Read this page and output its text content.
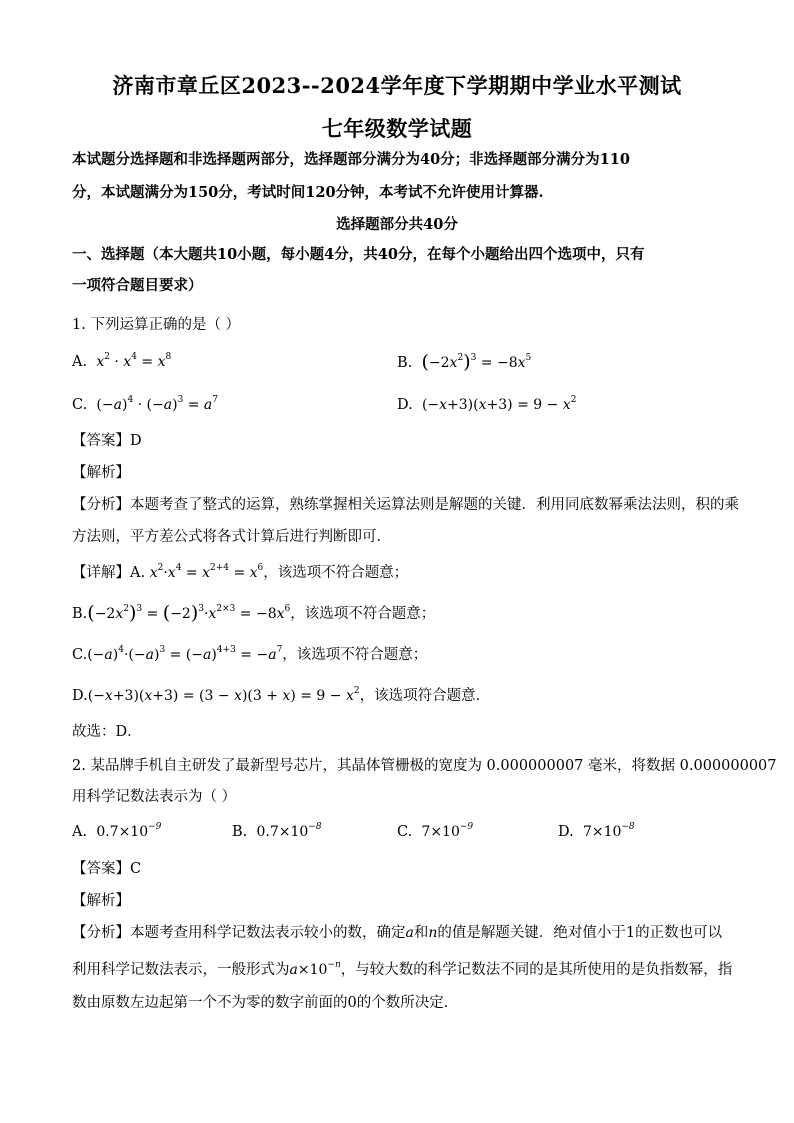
济南市章丘区2023--2024学年度下学期期中学业水平测试
七年级数学试题
本试题分选择题和非选择题两部分，选择题部分满分为40分；非选择题部分满分为110
分，本试题满分为150分，考试时间120分钟，本考试不允许使用计算器.
选择题部分共40分
一、选择题（本大题共10小题，每小题4分，共40分，在每个小题给出四个选项中，只有
一项符合题目要求）
1. 下列运算正确的是（ ）
A. $x^2 \cdot x^4 = x^8$	B. $(-2x^2)^3 = -8x^5$
C. $(-a)^4 \cdot (-a)^3 = a^7$	D. $(-x+3)(x+3) = 9 - x^2$
【答案】D
【解析】
【分析】本题考查了整式的运算，熟练掌握相关运算法则是解题的关键．利用同底数幂乘法法则，积的乘
方法则，平方差公式将各式计算后进行判断即可．
【详解】A. $x^2\cdot x^4 = x^{2+4} = x^6$，该选项不符合题意；
$B.(-2x^2)^3 = (-2)^3\cdot x^{2\times 3} = -8x^6$，该选项不符合题意；
$C.(-a)^4\cdot(-a)^3 = (-a)^{4+3} = -a^7$，该选项不符合题意；
$D.(-x+3)(x+3) = (3 - x)(3 + x) = 9 - x^2$，该选项符合题意．
故选：D．
2. 某品牌手机自主研发了最新型号芯片，其晶体管栅极的宽度为 0.000000007 毫米，将数据 0.000000007
用科学记数法表示为（ ）
A. $0.7\times 10^{-9}$	B. $0.7\times 10^{-8}$	C. $7\times 10^{-9}$	D. $7\times 10^{-8}$
【答案】C
【解析】
【分析】本题考查用科学记数法表示较小的数，确定a和n的值是解题关键．绝对值小于1的正数也可以
利用科学记数法表示，一般形式为$a\times 10^{-n}$，与较大数的科学记数法不同的是其所使用的是负指数幂，指
数由原数左边起第一个不为零的数字前面的0的个数所决定.
